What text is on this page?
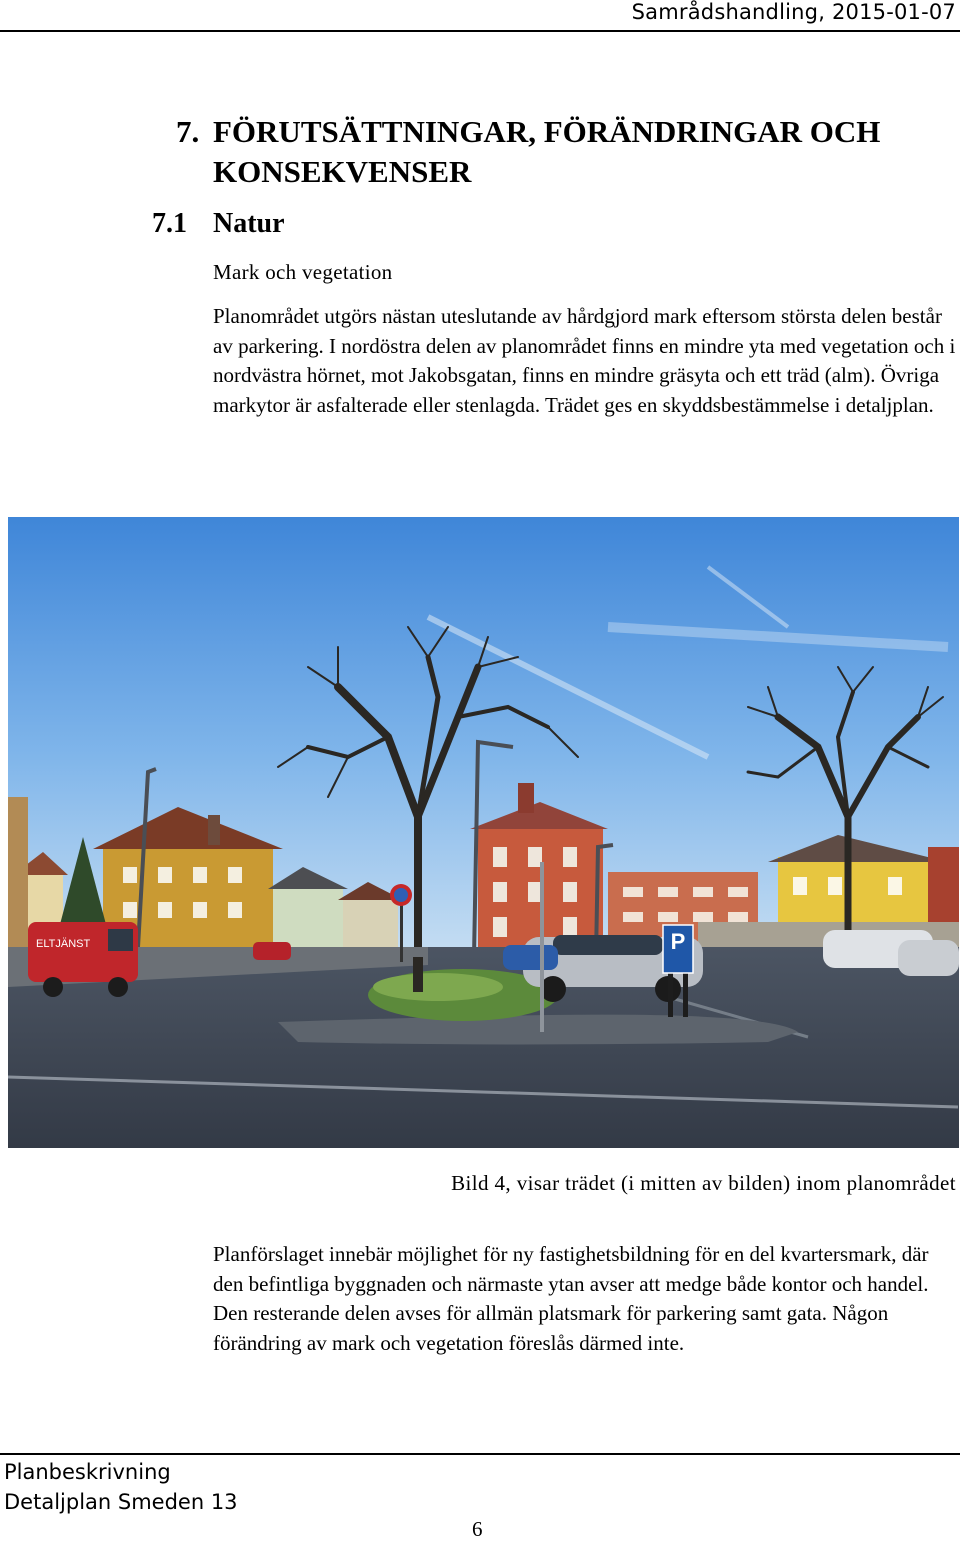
Samrådshandling, 2015-01-07
7. FÖRUTSÄTTNINGAR, FÖRÄNDRINGAR OCH
KONSEKVENSER
7.1 Natur
Mark och vegetation

Planområdet utgörs nästan uteslutande av hårdgjord mark eftersom största delen består av parkering. I nordöstra delen av planområdet finns en mindre yta med vegetation och i nordvästra hörnet, mot Jakobsgatan, finns en mindre gräsyta och ett träd (alm). Övriga markytor är asfalterade eller stenlagda. Trädet ges en skyddsbestämmelse i detaljplan.

ELTJÄNST	P
Bild 4, visar trädet (i mitten av bilden) inom planområdet

Planförslaget innebär möjlighet för ny fastighetsbildning för en del kvartersmark, där den befintliga byggnaden och närmaste ytan avser att medge både kontor och handel. Den resterande delen avses för allmän platsmark för parkering samt gata. Någon förändring av mark och vegetation föreslås därmed inte.

Planbeskrivning
Detaljplan Smeden 13
6
